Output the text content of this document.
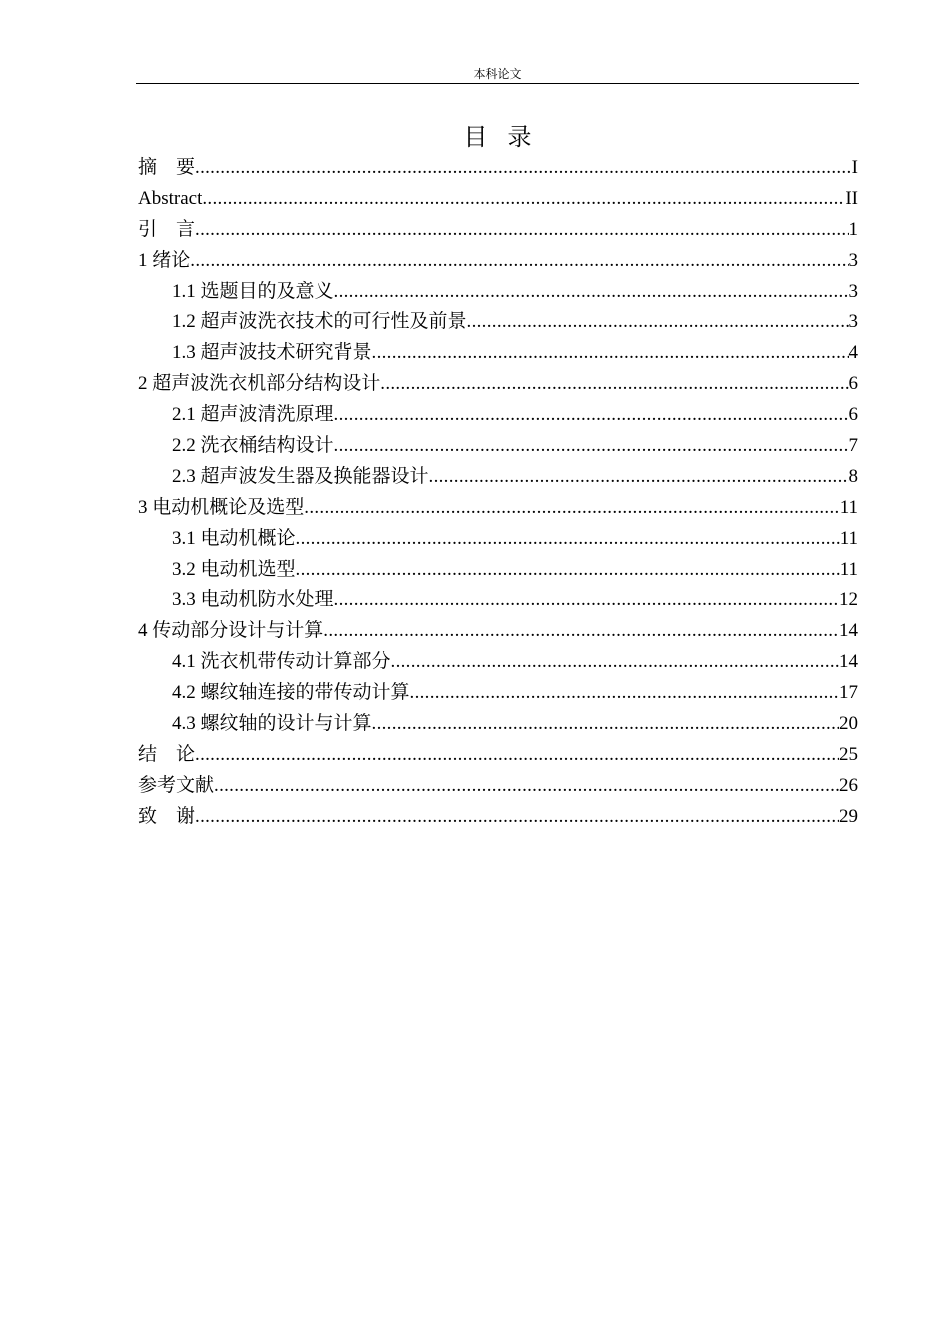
本科论文
目录
摘    要 .....	I
Abstract .....	II
引    言 .....	1
1 绪论 .....	3
1.1 选题目的及意义 .....	3
1.2 超声波洗衣技术的可行性及前景 .....	3
1.3 超声波技术研究背景 .....	4
2 超声波洗衣机部分结构设计 .....	6
2.1 超声波清洗原理 .....	6
2.2 洗衣桶结构设计 .....	7
2.3 超声波发生器及换能器设计 .....	8
3 电动机概论及选型 .....	11
3.1 电动机概论 .....	11
3.2 电动机选型 .....	11
3.3 电动机防水处理 .....	12
4 传动部分设计与计算 .....	14
4.1 洗衣机带传动计算部分 .....	14
4.2 螺纹轴连接的带传动计算 .....	17
4.3 螺纹轴的设计与计算 .....	20
结    论 .....	25
参考文献 .....	26
致    谢 .....	29
